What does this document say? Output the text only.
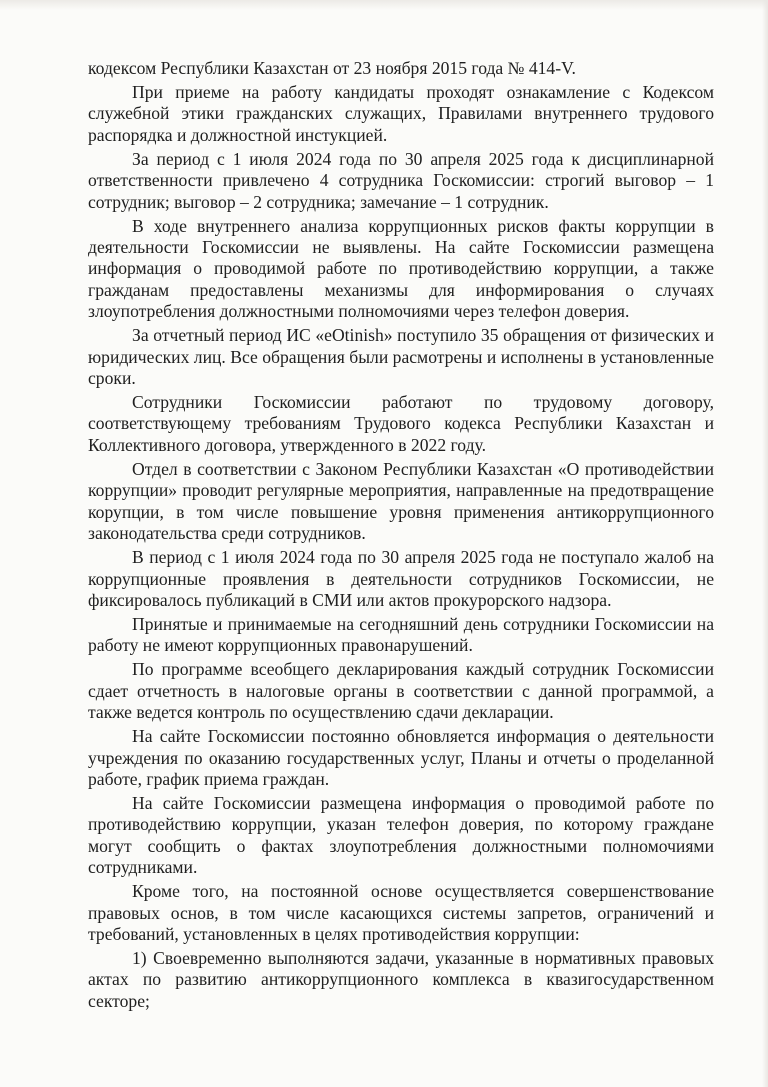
кодексом Республики Казахстан от 23 ноября 2015 года № 414-V.

При приеме на работу кандидаты проходят ознакамление с Кодексом служебной этики гражданских служащих, Правилами внутреннего трудового распорядка и должностной инстукцией.

За период с 1 июля 2024 года по 30 апреля 2025 года к дисциплинарной ответственности привлечено 4 сотрудника Госкомиссии: строгий выговор – 1 сотрудник; выговор – 2 сотрудника; замечание – 1 сотрудник.

В ходе внутреннего анализа коррупционных рисков факты коррупции в деятельности Госкомиссии не выявлены. На сайте Госкомиссии размещена информация о проводимой работе по противодействию коррупции, а также гражданам предоставлены механизмы для информирования о случаях злоупотребления должностными полномочиями через телефон доверия.

За отчетный период ИС «eOtinish» поступило 35 обращения от физических и юридических лиц. Все обращения были расмотрены и исполнены в установленные сроки.

Сотрудники Госкомиссии работают по трудовому договору, соответствующему требованиям Трудового кодекса Республики Казахстан и Коллективного договора, утвержденного в 2022 году.

Отдел в соответствии с Законом Республики Казахстан «О противодействии коррупции» проводит регулярные мероприятия, направленные на предотвращение корупции, в том числе повышение уровня применения антикоррупционного законодательства среди сотрудников.

В период с 1 июля 2024 года по 30 апреля 2025 года не поступало жалоб на коррупционные проявления в деятельности сотрудников Госкомиссии, не фиксировалось публикаций в СМИ или актов прокурорского надзора.

Принятые и принимаемые на сегодняшний день сотрудники Госкомиссии на работу не имеют коррупционных правонарушений.

По программе всеобщего декларирования каждый сотрудник Госкомиссии сдает отчетность в налоговые органы в соответствии с данной программой, а также ведется контроль по осуществлению сдачи декларации.

На сайте Госкомиссии постоянно обновляется информация о деятельности учреждения по оказанию государственных услуг, Планы и отчеты о проделанной работе, график приема граждан.

На сайте Госкомиссии размещена информация о проводимой работе по противодействию коррупции, указан телефон доверия, по которому граждане могут сообщить о фактах злоупотребления должностными полномочиями сотрудниками.

Кроме того, на постоянной основе осуществляется совершенствование правовых основ, в том числе касающихся системы запретов, ограничений и требований, установленных в целях противодействия коррупции:

1) Своевременно выполняются задачи, указанные в нормативных правовых актах по развитию антикоррупционного комплекса в квазигосударственном секторе;
